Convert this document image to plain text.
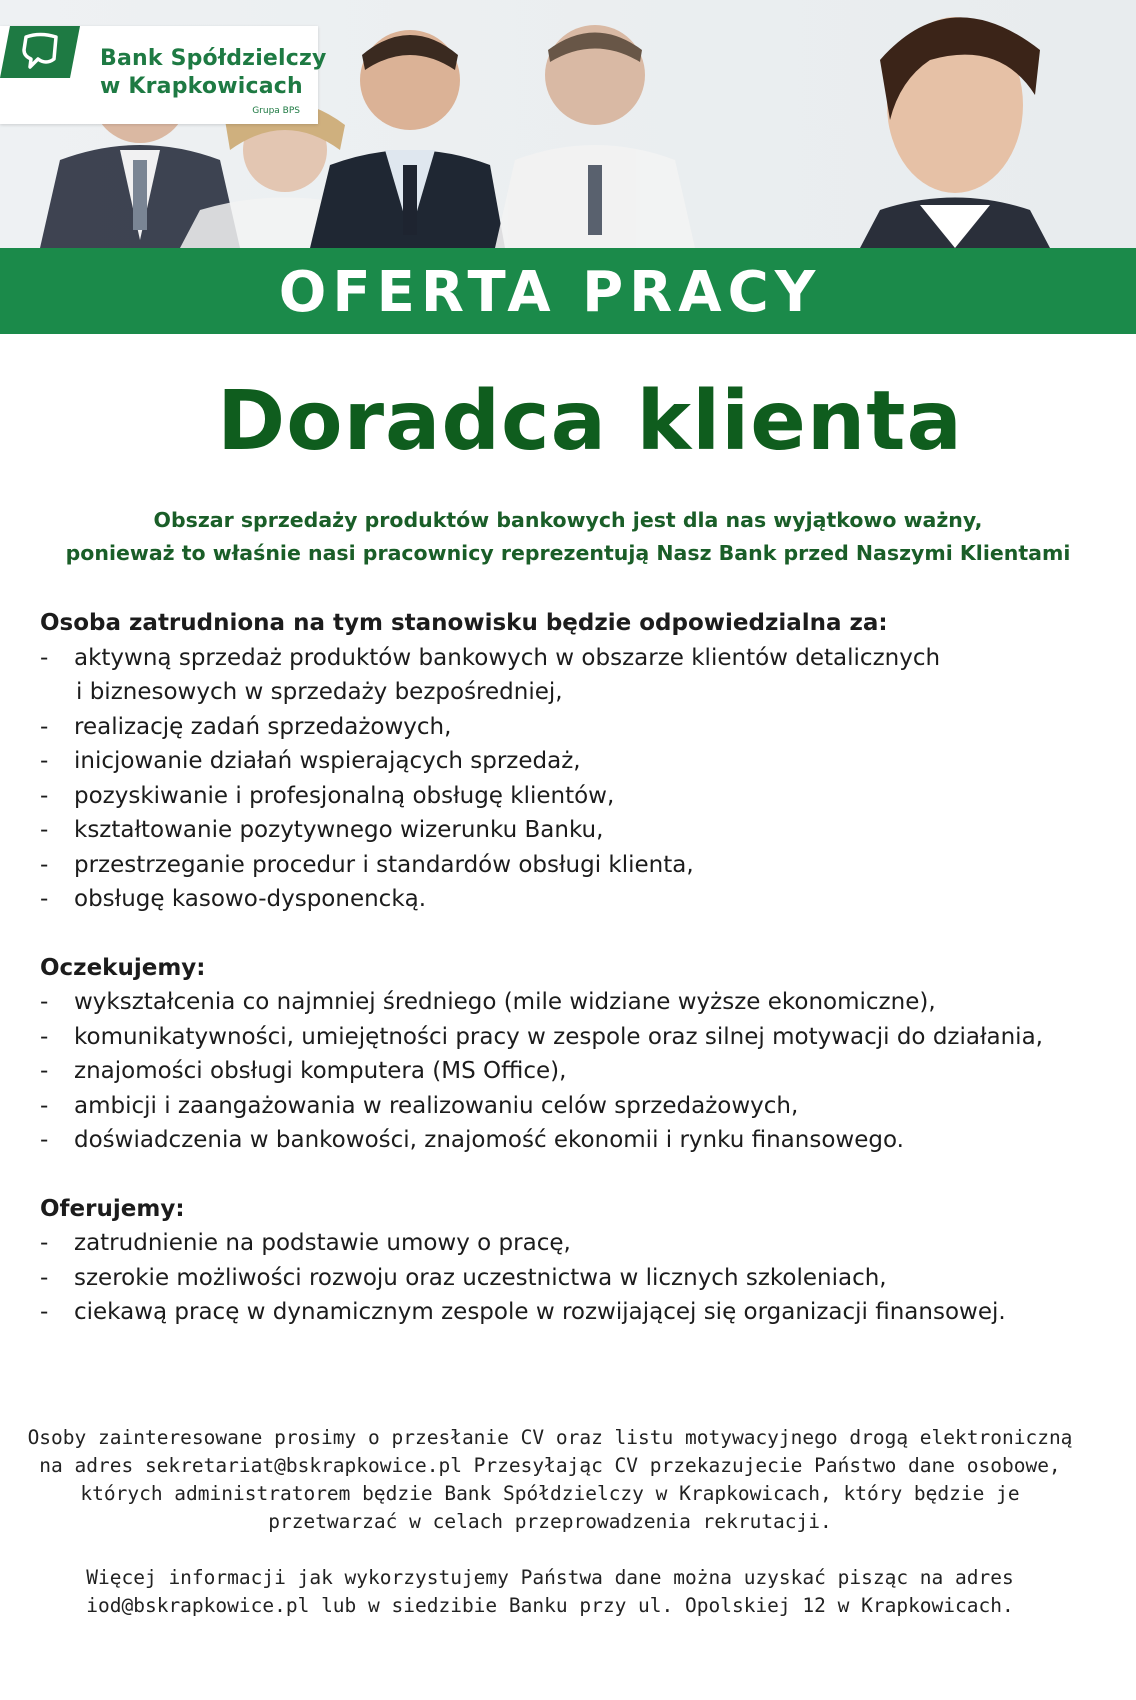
Bank Spółdzielczy
w Krapkowicach
Grupa BPS
OFERTA PRACY
Doradca klienta
Obszar sprzedaży produktów bankowych jest dla nas wyjątkowo ważny,
ponieważ to właśnie nasi pracownicy reprezentują Nasz Bank przed Naszymi Klientami

Osoba zatrudniona na tym stanowisku będzie odpowiedzialna za:

- aktywną sprzedaż produktów bankowych w obszarze klientów detalicznych
i biznesowych w sprzedaży bezpośredniej,
- realizację zadań sprzedażowych,
- inicjowanie działań wspierających sprzedaż,
- pozyskiwanie i profesjonalną obsługę klientów,
- kształtowanie pozytywnego wizerunku Banku,
- przestrzeganie procedur i standardów obsługi klienta,
- obsługę kasowo-dysponencką.

Oczekujemy:

- wykształcenia co najmniej średniego (mile widziane wyższe ekonomiczne),
- komunikatywności, umiejętności pracy w zespole oraz silnej motywacji do działania,
- znajomości obsługi komputera (MS Office),
- ambicji i zaangażowania w realizowaniu celów sprzedażowych,
- doświadczenia w bankowości, znajomość ekonomii i rynku finansowego.

Oferujemy:

- zatrudnienie na podstawie umowy o pracę,
- szerokie możliwości rozwoju oraz uczestnictwa w licznych szkoleniach,
- ciekawą pracę w dynamicznym zespole w rozwijającej się organizacji finansowej.

Osoby zainteresowane prosimy o przesłanie CV oraz listu motywacyjnego drogą elektroniczną
na adres sekretariat@bskrapkowice.pl Przesyłając CV przekazujecie Państwo dane osobowe,
których administratorem będzie Bank Spółdzielczy w Krapkowicach, który będzie je
przetwarzać w celach przeprowadzenia rekrutacji.

Więcej informacji jak wykorzystujemy Państwa dane można uzyskać pisząc na adres
iod@bskrapkowice.pl lub w siedzibie Banku przy ul. Opolskiej 12 w Krapkowicach.
